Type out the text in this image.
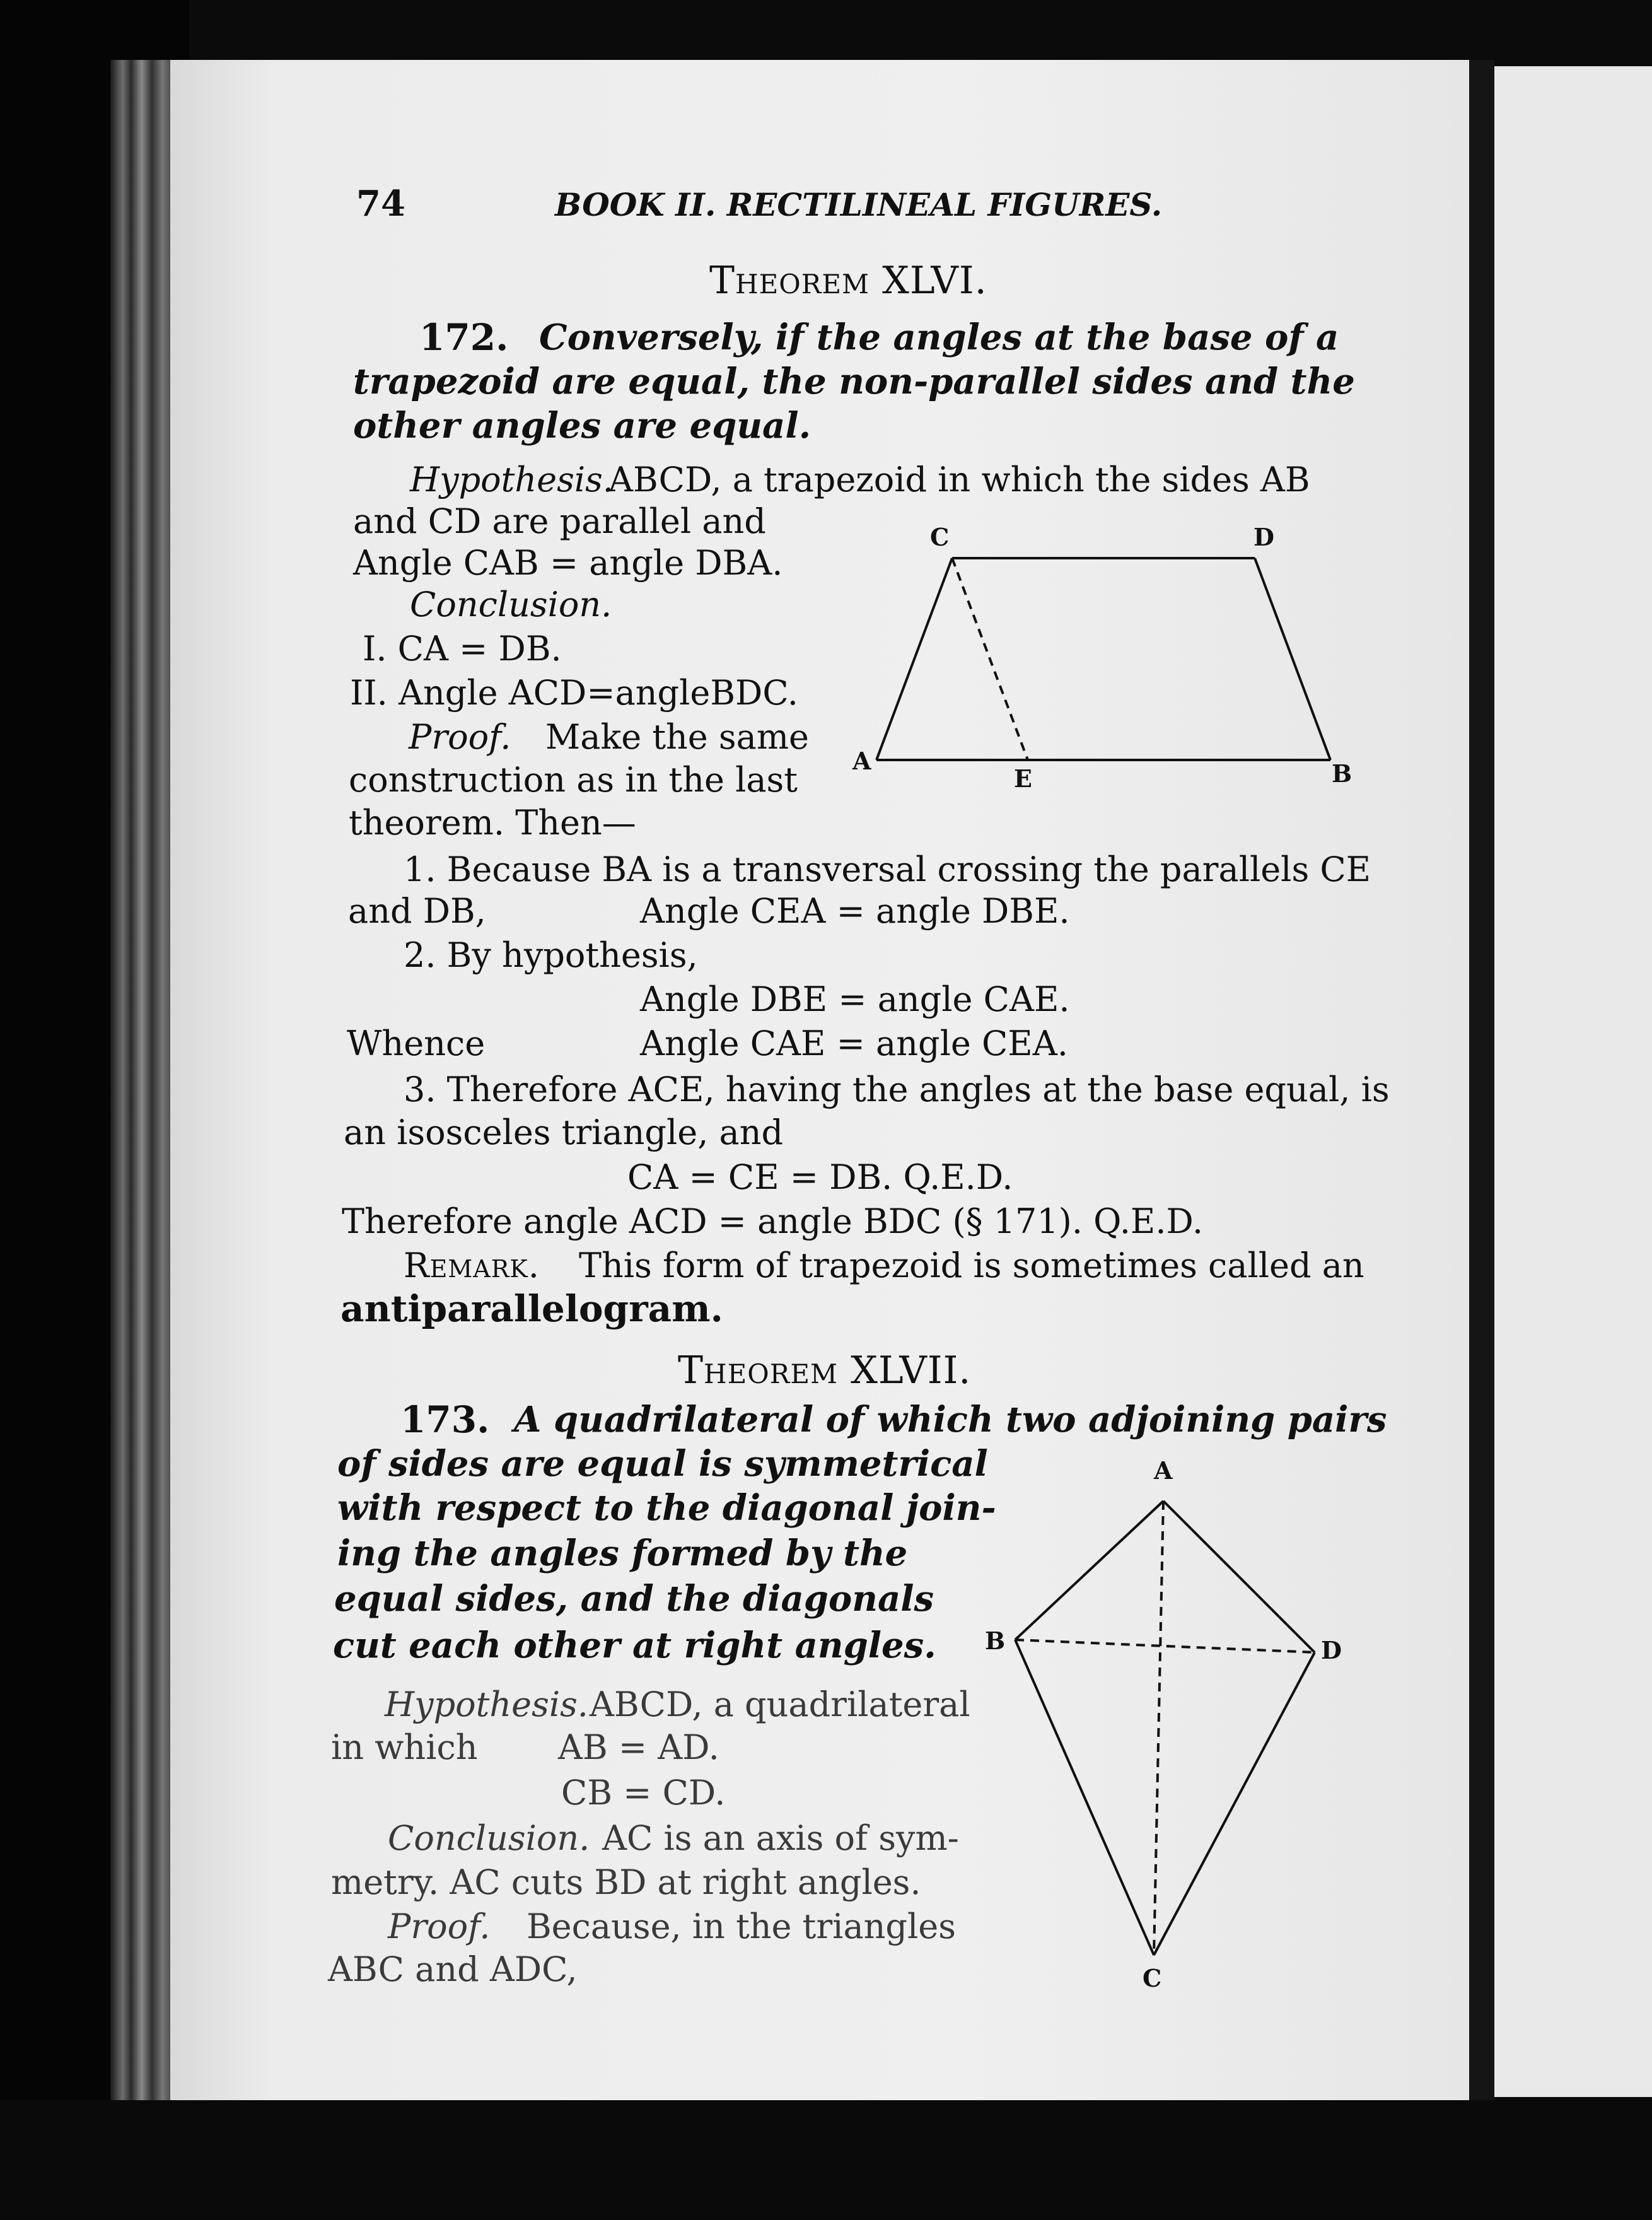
74	BOOK II. RECTILINEAL FIGURES.
Theorem XLVI.
172. Conversely, if the angles at the base of a
trapezoid are equal, the non-parallel sides and the
other angles are equal.
Hypothesis.
ABCD, a trapezoid in which the sides AB
and CD are parallel and
Angle CAB = angle DBA.
Conclusion.
I. CA = DB.
II. Angle ACD=angleBDC.
Proof. Make the same
construction as in the last
theorem. Then—
C	D
A	B
E
1. Because BA is a transversal crossing the parallels CE
and DB,	Angle CEA = angle DBE.
2. By hypothesis,
Angle DBE = angle CAE.
Whence	Angle CAE = angle CEA.
3. Therefore ACE, having the angles at the base equal, is
an isosceles triangle, and
CA = CE = DB. Q.E.D.
Therefore angle ACD = angle BDC (§ 171). Q.E.D.
Remark. This form of trapezoid is sometimes called an
antiparallelogram.
Theorem XLVII.
173. A quadrilateral of which two adjoining pairs
of sides are equal is symmetrical
with respect to the diagonal join-
ing the angles formed by the
equal sides, and the diagonals
cut each other at right angles.
Hypothesis. ABCD, a quadrilateral
in which AB = AD.
CB = CD.
Conclusion. AC is an axis of sym-
metry. AC cuts BD at right angles.
Proof. Because, in the triangles
ABC and ADC,
A
B	D
C
